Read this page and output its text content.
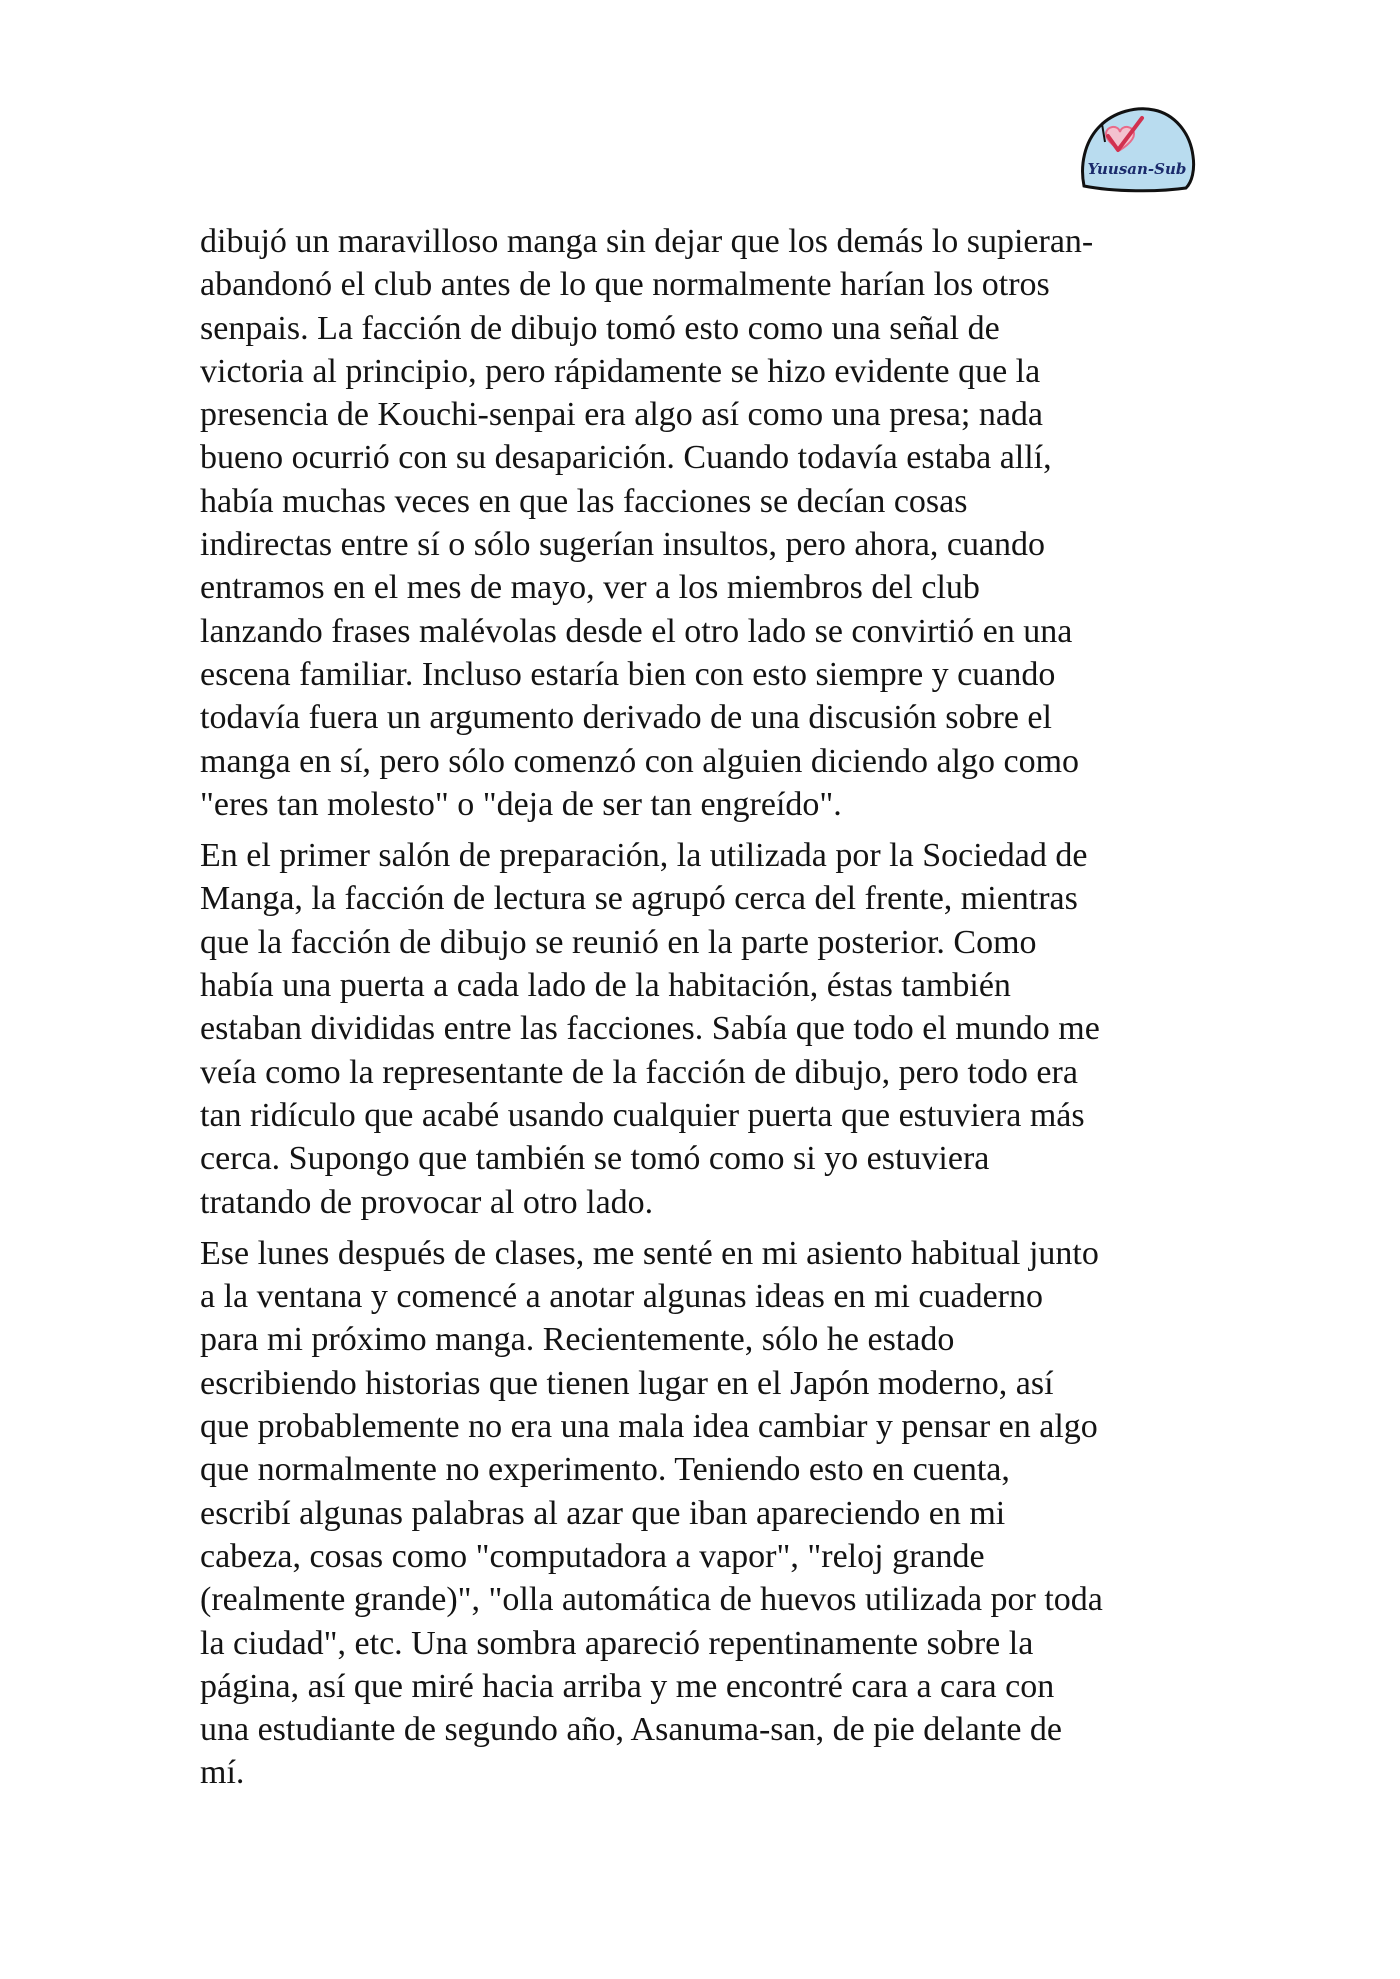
Yuusan-Sub

dibujó un maravilloso manga sin dejar que los demás lo supieran-
abandonó el club antes de lo que normalmente harían los otros
senpais. La facción de dibujo tomó esto como una señal de
victoria al principio, pero rápidamente se hizo evidente que la
presencia de Kouchi-senpai era algo así como una presa; nada
bueno ocurrió con su desaparición. Cuando todavía estaba allí,
había muchas veces en que las facciones se decían cosas
indirectas entre sí o sólo sugerían insultos, pero ahora, cuando
entramos en el mes de mayo, ver a los miembros del club
lanzando frases malévolas desde el otro lado se convirtió en una
escena familiar. Incluso estaría bien con esto siempre y cuando
todavía fuera un argumento derivado de una discusión sobre el
manga en sí, pero sólo comenzó con alguien diciendo algo como
"eres tan molesto" o "deja de ser tan engreído".

En el primer salón de preparación, la utilizada por la Sociedad de
Manga, la facción de lectura se agrupó cerca del frente, mientras
que la facción de dibujo se reunió en la parte posterior. Como
había una puerta a cada lado de la habitación, éstas también
estaban divididas entre las facciones. Sabía que todo el mundo me
veía como la representante de la facción de dibujo, pero todo era
tan ridículo que acabé usando cualquier puerta que estuviera más
cerca. Supongo que también se tomó como si yo estuviera
tratando de provocar al otro lado.

Ese lunes después de clases, me senté en mi asiento habitual junto
a la ventana y comencé a anotar algunas ideas en mi cuaderno
para mi próximo manga. Recientemente, sólo he estado
escribiendo historias que tienen lugar en el Japón moderno, así
que probablemente no era una mala idea cambiar y pensar en algo
que normalmente no experimento. Teniendo esto en cuenta,
escribí algunas palabras al azar que iban apareciendo en mi
cabeza, cosas como "computadora a vapor", "reloj grande
(realmente grande)", "olla automática de huevos utilizada por toda
la ciudad", etc. Una sombra apareció repentinamente sobre la
página, así que miré hacia arriba y me encontré cara a cara con
una estudiante de segundo año, Asanuma-san, de pie delante de
mí.
